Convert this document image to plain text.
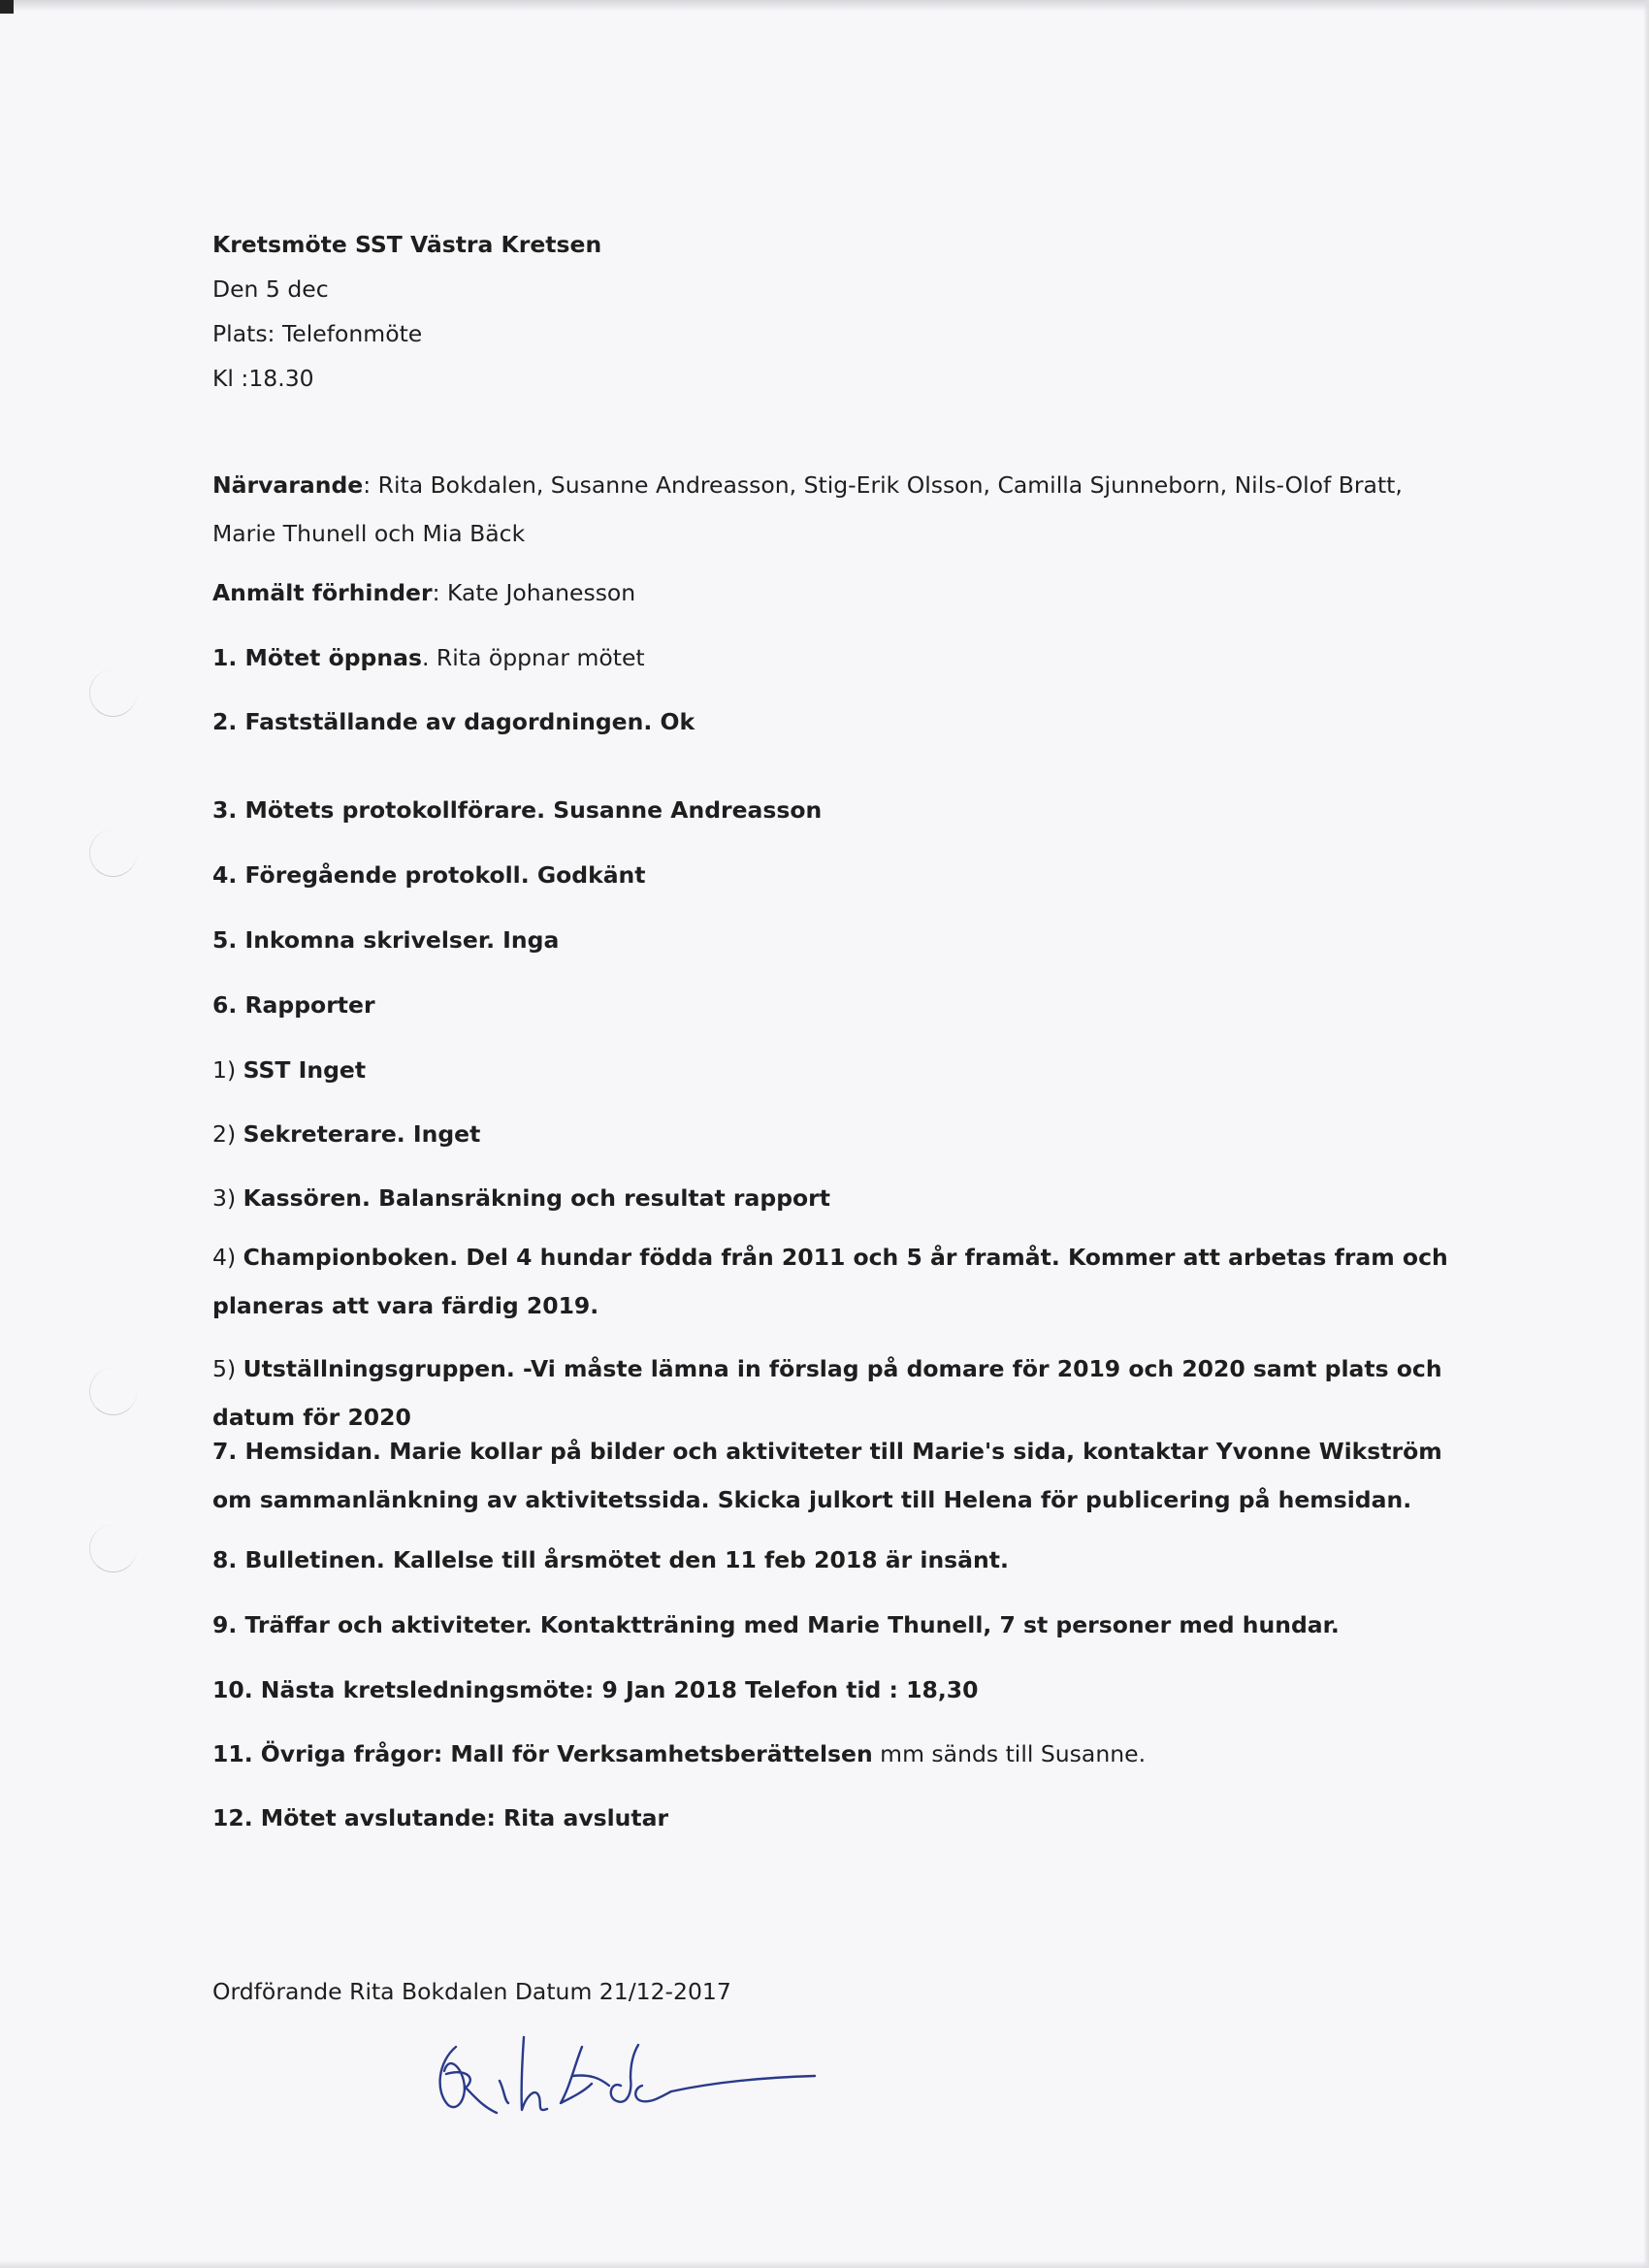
Kretsmöte SST Västra Kretsen
Den 5 dec
Plats: Telefonmöte
Kl :18.30
Närvarande: Rita Bokdalen, Susanne Andreasson, Stig-Erik Olsson, Camilla Sjunneborn, Nils-Olof Bratt, Marie Thunell och Mia Bäck
Anmält förhinder: Kate Johanesson
1. Mötet öppnas. Rita öppnar mötet
2. Fastställande av dagordningen. Ok
3. Mötets protokollförare. Susanne Andreasson
4. Föregående protokoll. Godkänt
5. Inkomna skrivelser. Inga
6. Rapporter
1) SST Inget
2) Sekreterare. Inget
3) Kassören. Balansräkning och resultat rapport
4) Championboken. Del 4 hundar födda från 2011 och 5 år framåt. Kommer att arbetas fram och planeras att vara färdig 2019.
5) Utställningsgruppen. -Vi måste lämna in förslag på domare för 2019 och 2020 samt plats och datum för 2020
7. Hemsidan. Marie kollar på bilder och aktiviteter till Marie's sida, kontaktar Yvonne Wikström om sammanlänkning av aktivitetssida. Skicka julkort till Helena för publicering på hemsidan.
8. Bulletinen. Kallelse till årsmötet den 11 feb 2018 är insänt.
9. Träffar och aktiviteter. Kontaktträning med Marie Thunell, 7 st personer med hundar.
10. Nästa kretsledningsmöte: 9 Jan 2018 Telefon tid : 18,30
11. Övriga frågor: Mall för Verksamhetsberättelsen mm sänds till Susanne.
12. Mötet avslutande: Rita avslutar
Ordförande Rita Bokdalen Datum 21/12-2017
